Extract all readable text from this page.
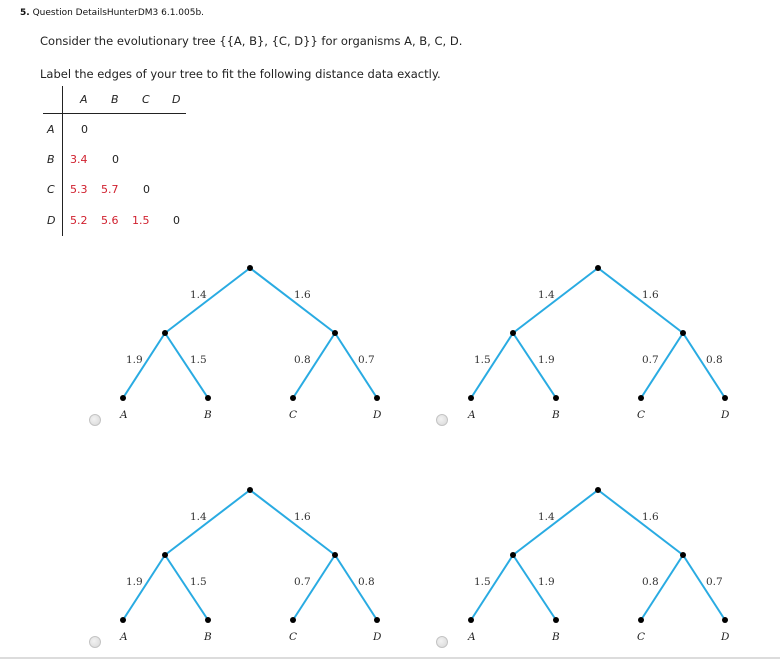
5. Question DetailsHunterDM3 6.1.005b.
Consider the evolutionary tree {{A, B}, {C, D}} for organisms A, B, C, D.
Label the edges of your tree to fit the following distance data exactly.
A B C D
A 0
B 3.4 0
C 5.3 5.7 0
D 5.2 5.6 1.5 0
1.4	1.6
1.9	1.5	0.8	0.7
A	B	C	D
1.4	1.6
1.5	1.9	0.7	0.8
A	B	C	D
1.4	1.6
1.9	1.5	0.7	0.8
A	B	C	D
1.4	1.6
1.5	1.9	0.8	0.7
A	B	C	D
